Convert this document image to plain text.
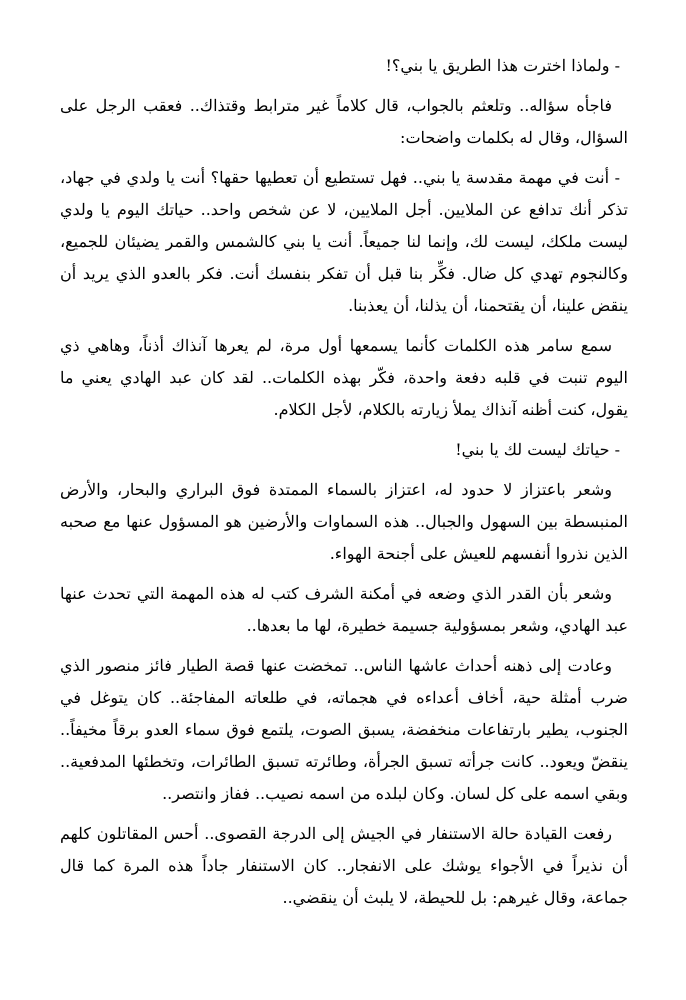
- ولماذا اخترت هذا الطريق يا بني؟!

فاجأه سؤاله.. وتلعثم بالجواب، قال كلاماً غير مترابط وقتذاك.. فعقب الرجل على السؤال، وقال له بكلمات واضحات:

- أنت في مهمة مقدسة يا بني.. فهل تستطيع أن تعطيها حقها؟ أنت يا ولدي في جهاد، تذكر أنك تدافع عن الملايين. أجل الملايين، لا عن شخص واحد.. حياتك اليوم يا ولدي ليست ملكك، ليست لك، وإنما لنا جميعاً. أنت يا بني كالشمس والقمر يضيئان للجميع، وكالنجوم تهدي كل ضال. فكِّر بنا قبل أن تفكر بنفسك أنت. فكر بالعدو الذي يريد أن ينقض علينا، أن يقتحمنا، أن يذلنا، أن يعذبنا.

سمع سامر هذه الكلمات كأنما يسمعها أول مرة، لم يعرها آنذاك أذناً، وهاهي ذي اليوم تنبت في قلبه دفعة واحدة، فكّر بهذه الكلمات.. لقد كان عبد الهادي يعني ما يقول، كنت أظنه آنذاك يملأ زيارته بالكلام، لأجل الكلام.

- حياتك ليست لك يا بني!

وشعر باعتزاز لا حدود له، اعتزاز بالسماء الممتدة فوق البراري والبحار، والأرض المنبسطة بين السهول والجبال.. هذه السماوات والأرضين هو المسؤول عنها مع صحبه الذين نذروا أنفسهم للعيش على أجنحة الهواء.

وشعر بأن القدر الذي وضعه في أمكنة الشرف كتب له هذه المهمة التي تحدث عنها عبد الهادي، وشعر بمسؤولية جسيمة خطيرة، لها ما بعدها..

وعادت إلى ذهنه أحداث عاشها الناس.. تمخضت عنها قصة الطيار فائز منصور الذي ضرب أمثلة حية، أخاف أعداءه في هجماته، في طلعاته المفاجئة.. كان يتوغل في الجنوب، يطير بارتفاعات منخفضة، يسبق الصوت، يلتمع فوق سماء العدو برقاً مخيفاً.. ينقضّ ويعود.. كانت جرأته تسبق الجرأة، وطائرته تسبق الطائرات، وتخطئها المدفعية.. وبقي اسمه على كل لسان. وكان لبلده من اسمه نصيب.. ففاز وانتصر..

رفعت القيادة حالة الاستنفار في الجيش إلى الدرجة القصوى.. أحس المقاتلون كلهم أن نذيراً في الأجواء يوشك على الانفجار.. كان الاستنفار جاداً هذه المرة كما قال جماعة، وقال غيرهم: بل للحيطة، لا يلبث أن ينقضي..
